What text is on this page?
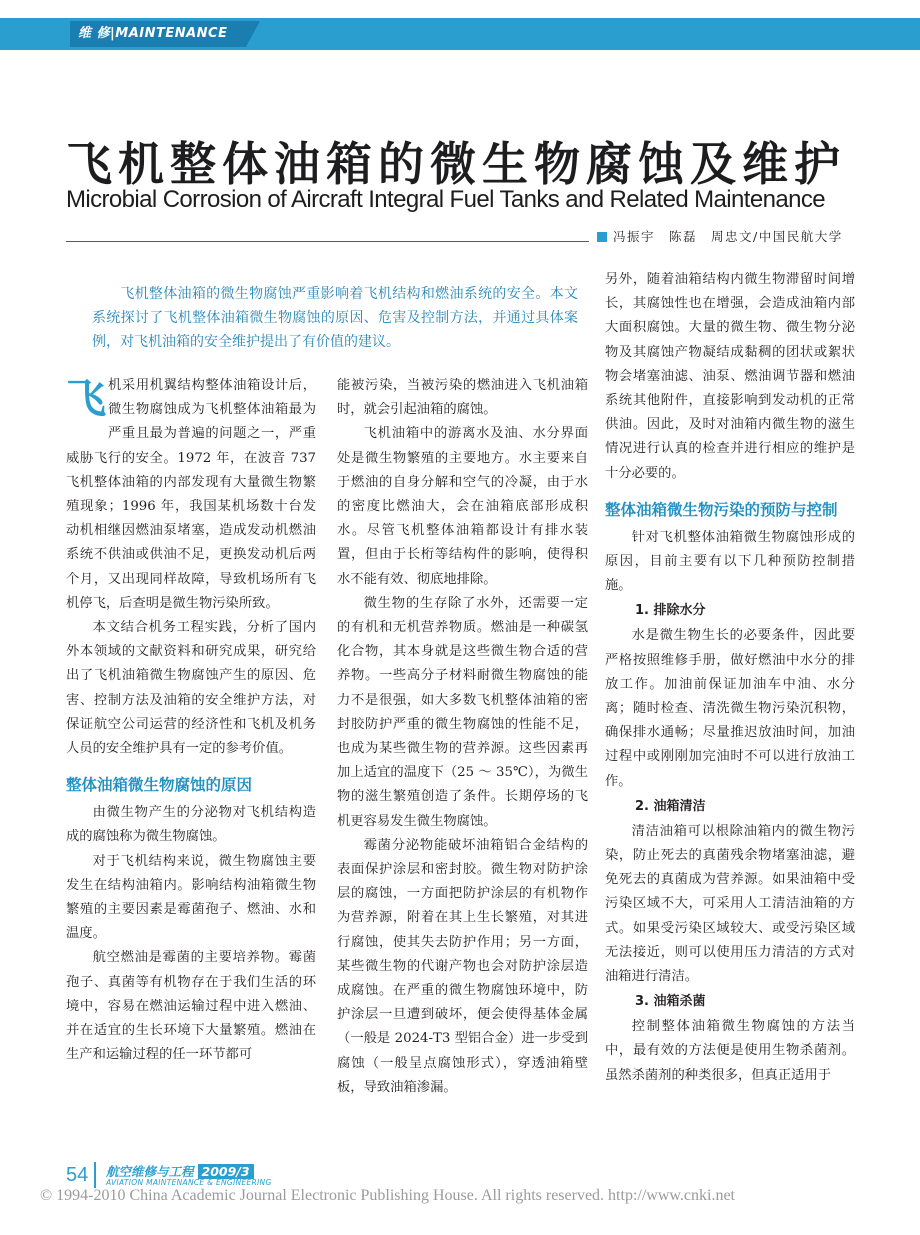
维 修|MAINTENANCE
飞机整体油箱的微生物腐蚀及维护
Microbial Corrosion of Aircraft Integral Fuel Tanks and Related Maintenance
冯振宇　陈磊　周忠文/中国民航大学
飞机整体油箱的微生物腐蚀严重影响着飞机结构和燃油系统的安全。本文系统探讨了飞机整体油箱微生物腐蚀的原因、危害及控制方法，并通过具体案例，对飞机油箱的安全维护提出了有价值的建议。

飞机采用机翼结构整体油箱设计后，微生物腐蚀成为飞机整体油箱最为严重且最为普遍的问题之一，严重威胁飞行的安全。1972 年，在波音 737 飞机整体油箱的内部发现有大量微生物繁殖现象；1996 年，我国某机场数十台发动机相继因燃油泵堵塞，造成发动机燃油系统不供油或供油不足，更换发动机后两个月，又出现同样故障，导致机场所有飞机停飞，后查明是微生物污染所致。

本文结合机务工程实践，分析了国内外本领域的文献资料和研究成果，研究给出了飞机油箱微生物腐蚀产生的原因、危害、控制方法及油箱的安全维护方法，对保证航空公司运营的经济性和飞机及机务人员的安全维护具有一定的参考价值。

整体油箱微生物腐蚀的原因

由微生物产生的分泌物对飞机结构造成的腐蚀称为微生物腐蚀。

对于飞机结构来说，微生物腐蚀主要发生在结构油箱内。影响结构油箱微生物繁殖的主要因素是霉菌孢子、燃油、水和温度。

航空燃油是霉菌的主要培养物。霉菌孢子、真菌等有机物存在于我们生活的环境中，容易在燃油运输过程中进入燃油、并在适宜的生长环境下大量繁殖。燃油在生产和运输过程的任一环节都可

能被污染，当被污染的燃油进入飞机油箱时，就会引起油箱的腐蚀。

飞机油箱中的游离水及油、水分界面处是微生物繁殖的主要地方。水主要来自于燃油的自身分解和空气的冷凝，由于水的密度比燃油大，会在油箱底部形成积水。尽管飞机整体油箱都设计有排水装置，但由于长桁等结构件的影响，使得积水不能有效、彻底地排除。

微生物的生存除了水外，还需要一定的有机和无机营养物质。燃油是一种碳氢化合物，其本身就是这些微生物合适的营养物。一些高分子材料耐微生物腐蚀的能力不是很强，如大多数飞机整体油箱的密封胶防护严重的微生物腐蚀的性能不足，也成为某些微生物的营养源。这些因素再加上适宜的温度下（25 ～ 35℃），为微生物的滋生繁殖创造了条件。长期停场的飞机更容易发生微生物腐蚀。

霉菌分泌物能破坏油箱铝合金结构的表面保护涂层和密封胶。微生物对防护涂层的腐蚀，一方面把防护涂层的有机物作为营养源，附着在其上生长繁殖，对其进行腐蚀，使其失去防护作用；另一方面，某些微生物的代谢产物也会对防护涂层造成腐蚀。在严重的微生物腐蚀环境中，防护涂层一旦遭到破坏，便会使得基体金属（一般是 2024-T3 型铝合金）进一步受到腐蚀（一般呈点腐蚀形式），穿透油箱壁板，导致油箱渗漏。

另外，随着油箱结构内微生物滞留时间增长，其腐蚀性也在增强，会造成油箱内部大面积腐蚀。大量的微生物、微生物分泌物及其腐蚀产物凝结成黏稠的团状或絮状物会堵塞油滤、油泵、燃油调节器和燃油系统其他附件，直接影响到发动机的正常供油。因此，及时对油箱内微生物的滋生情况进行认真的检查并进行相应的维护是十分必要的。

整体油箱微生物污染的预防与控制

针对飞机整体油箱微生物腐蚀形成的原因，目前主要有以下几种预防控制措施。

1. 排除水分

水是微生物生长的必要条件，因此要严格按照维修手册，做好燃油中水分的排放工作。加油前保证加油车中油、水分离；随时检查、清洗微生物污染沉积物，确保排水通畅；尽量推迟放油时间，加油过程中或刚刚加完油时不可以进行放油工作。

2. 油箱清洁

清洁油箱可以根除油箱内的微生物污染，防止死去的真菌残余物堵塞油滤，避免死去的真菌成为营养源。如果油箱中受污染区域不大，可采用人工清洁油箱的方式。如果受污染区域较大、或受污染区域无法接近，则可以使用压力清洁的方式对油箱进行清洁。

3. 油箱杀菌

控制整体油箱微生物腐蚀的方法当中，最有效的方法便是使用生物杀菌剂。虽然杀菌剂的种类很多，但真正适用于

54 航空维修与工程 2009/3
AVIATION MAINTENANCE & ENGINEERING
© 1994-2010 China Academic Journal Electronic Publishing House. All rights reserved. http://www.cnki.net
